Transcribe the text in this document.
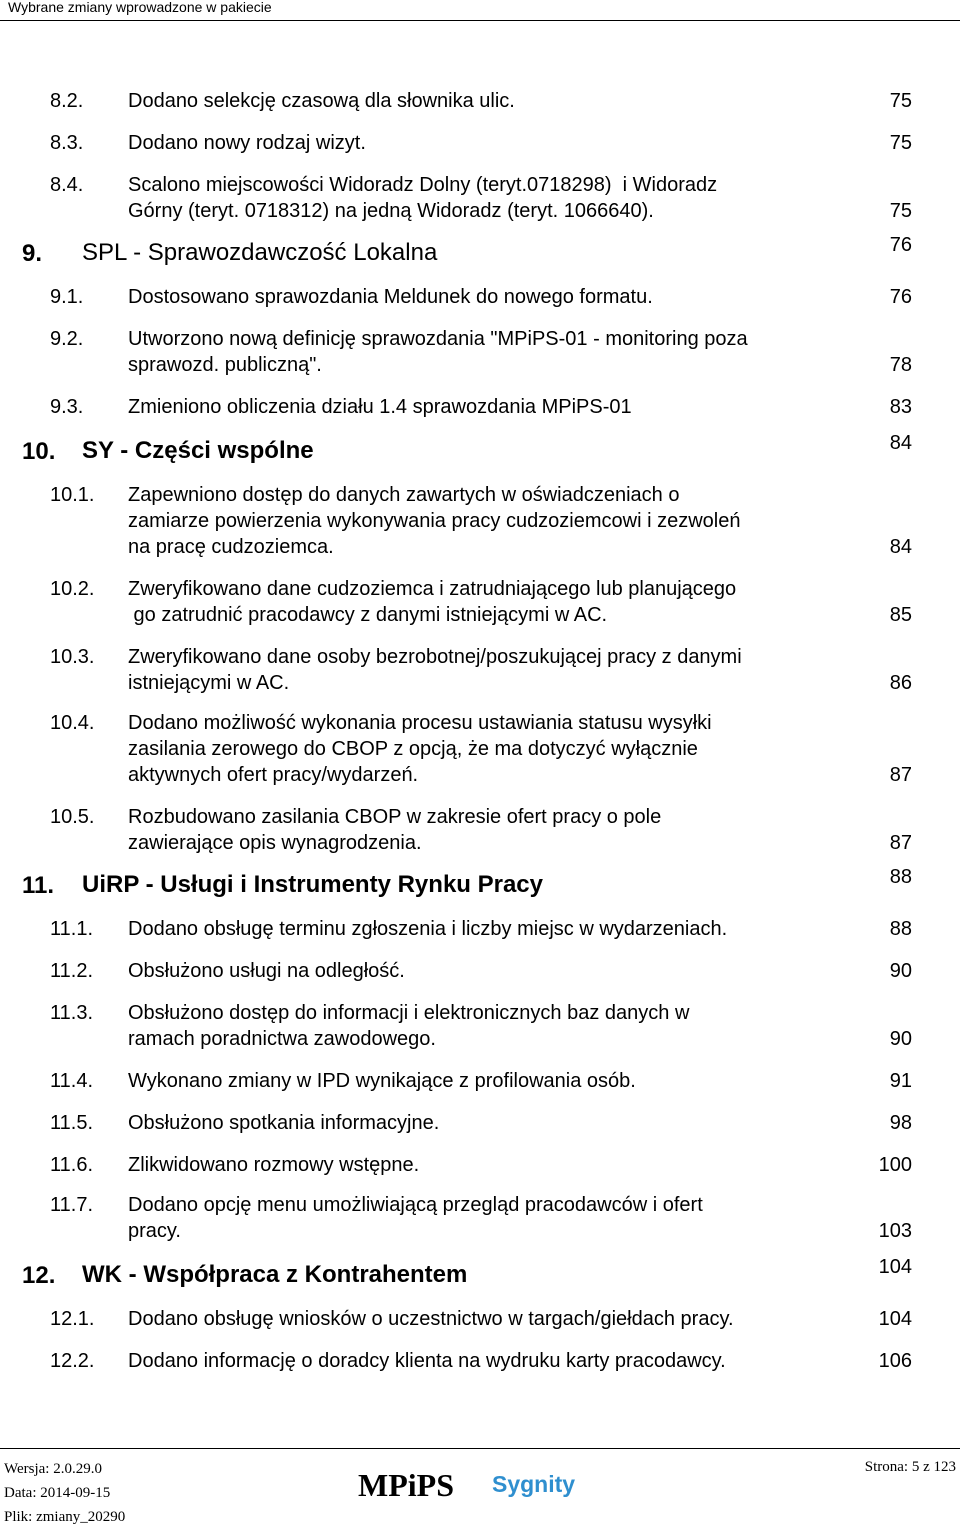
Wybrane zmiany wprowadzone w pakiecie
8.2. Dodano selekcję czasową dla słownika ulic.	75
8.3. Dodano nowy rodzaj wizyt.	75
8.4. Scalono miejscowości Widoradz Dolny (teryt.0718298)  i Widoradz
Górny (teryt. 0718312) na jedną Widoradz (teryt. 1066640).	75
9. SPL - Sprawozdawczość Lokalna	76
9.1. Dostosowano sprawozdania Meldunek do nowego formatu.	76
9.2. Utworzono nową definicję sprawozdania "MPiPS-01 - monitoring poza
sprawozd. publiczną".	78
9.3. Zmieniono obliczenia działu 1.4 sprawozdania MPiPS-01	83
10. SY - Części wspólne	84
10.1. Zapewniono dostęp do danych zawartych w oświadczeniach o
zamiarze powierzenia wykonywania pracy cudzoziemcowi i zezwoleń
na pracę cudzoziemca.	84
10.2. Zweryfikowano dane cudzoziemca i zatrudniającego lub planującego
go zatrudnić pracodawcy z danymi istniejącymi w AC.	85
10.3. Zweryfikowano dane osoby bezrobotnej/poszukującej pracy z danymi
istniejącymi w AC.	86
10.4. Dodano możliwość wykonania procesu ustawiania statusu wysyłki
zasilania zerowego do CBOP z opcją, że ma dotyczyć wyłącznie
aktywnych ofert pracy/wydarzeń.	87
10.5. Rozbudowano zasilania CBOP w zakresie ofert pracy o pole
zawierające opis wynagrodzenia.	87
11. UiRP - Usługi i Instrumenty Rynku Pracy	88
11.1. Dodano obsługę terminu zgłoszenia i liczby miejsc w wydarzeniach.	88
11.2. Obsłużono usługi na odległość.	90
11.3. Obsłużono dostęp do informacji i elektronicznych baz danych w
ramach poradnictwa zawodowego.	90
11.4. Wykonano zmiany w IPD wynikające z profilowania osób.	91
11.5. Obsłużono spotkania informacyjne.	98
11.6. Zlikwidowano rozmowy wstępne.	100
11.7. Dodano opcję menu umożliwiającą przegląd pracodawców i ofert
pracy.	103
12. WK - Współpraca z Kontrahentem	104
12.1. Dodano obsługę wniosków o uczestnictwo w targach/giełdach pracy.	104
12.2. Dodano informację o doradcy klienta na wydruku karty pracodawcy.	106
Wersja: 2.0.29.0
Data: 2014-09-15
Plik: zmiany_20290
MPiPS Sygnity
Strona: 5 z 123
